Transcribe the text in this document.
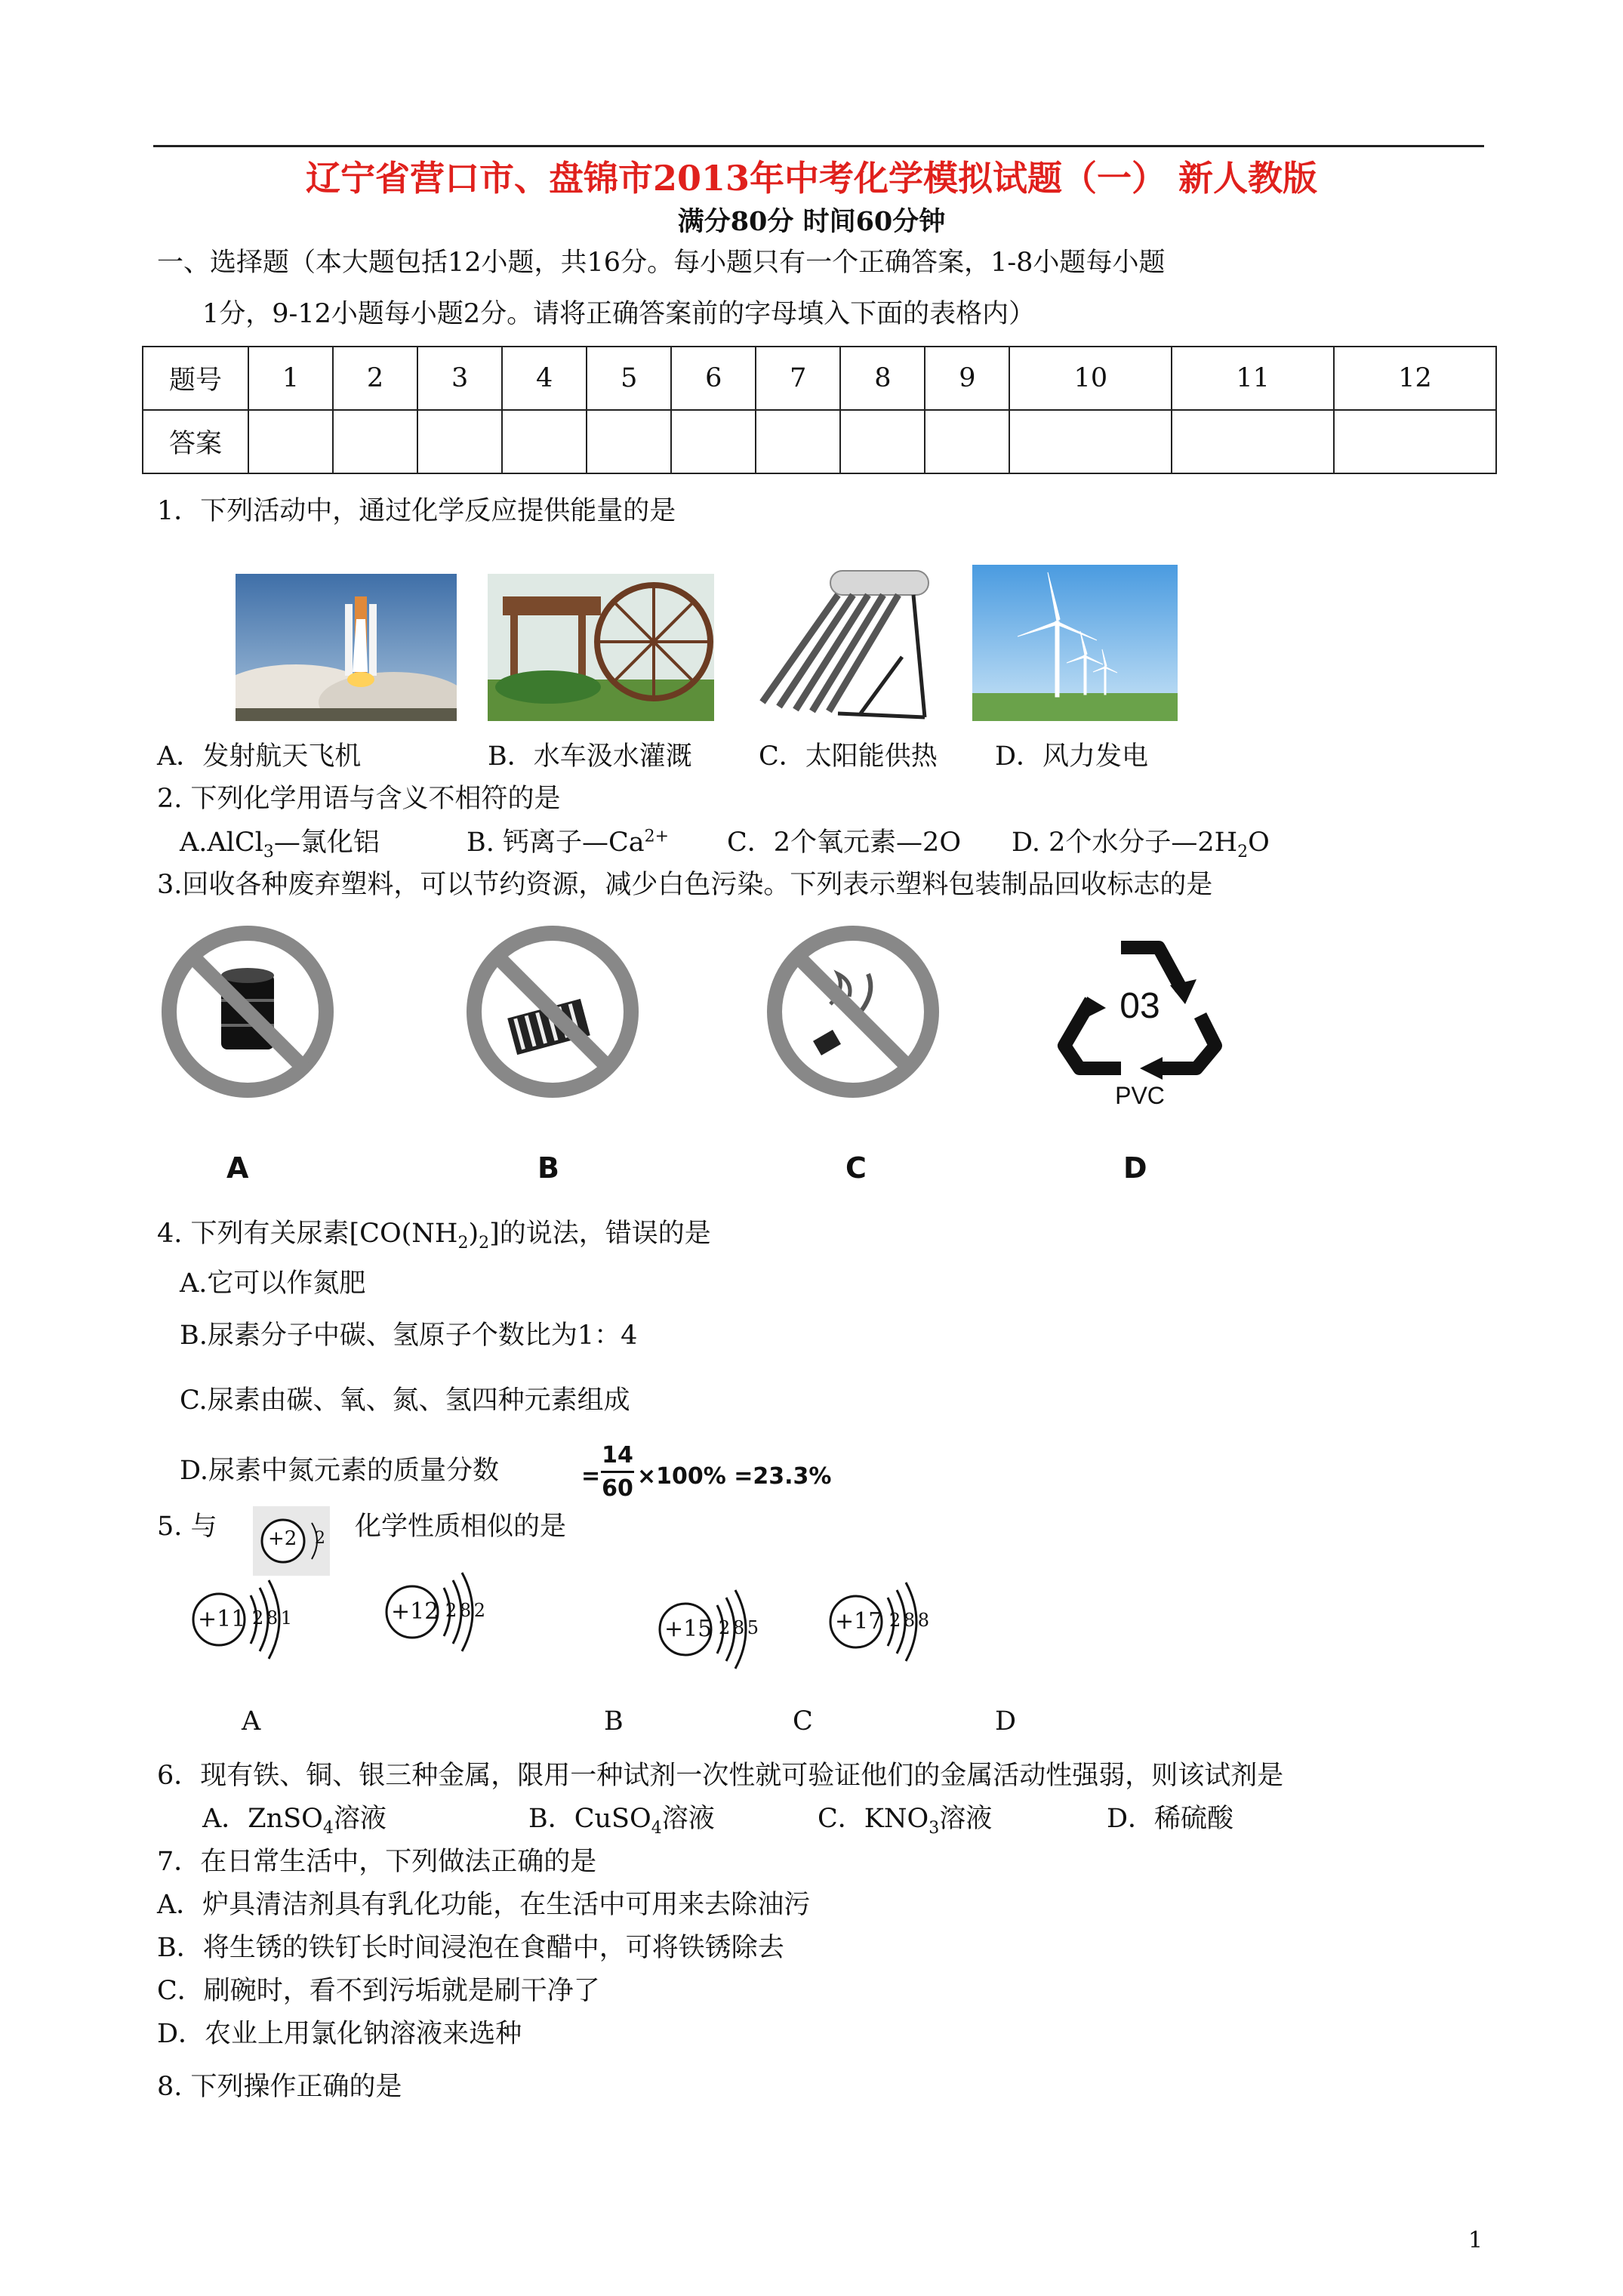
辽宁省营口市、盘锦市2013年中考化学模拟试题（一） 新人教版
满分80分 时间60分钟
一、选择题（本大题包括12小题，共16分。每小题只有一个正确答案，1-8小题每小题
1分，9-12小题每小题2分。请将正确答案前的字母填入下面的表格内）
题号	1	2	3	4	5	6	7	8	9	10	11	12
答案												
1．下列活动中，通过化学反应提供能量的是
A．发射航天飞机	B．水车汲水灌溉	C．太阳能供热 D．风力发电
2. 下列化学用语与含义不相符的是
A.AlCl$_3$—氯化铝	B. 钙离子$—Ca^{2+}$ C．2个氧元素—2O D. 2个水分子$—2H_2O$
3.回收各种废弃塑料，可以节约资源，减少白色污染。下列表示塑料包装制品回收标志的是
03
PVC
A	B	C	D
4. 下列有关尿素$[CO(NH_2)_2]$的说法，错误的是
A.它可以作氮肥
B.尿素分子中碳、氢原子个数比为1：4
C.尿素由碳、氧、氮、氢四种元素组成
D.尿素中氮元素的质量分数	=
14
60 ×100% =23.3%
5. 与	+2 2 化学性质相似的是
+11 2 8 1	+12 2 8 2
+15 2 8 5	+17 2 8 8
A	B	C	D
6．现有铁、铜、银三种金属，限用一种试剂一次性就可验证他们的金属活动性强弱，则该试剂是
A．ZnSO$_4$溶液	B．CuSO$_4$溶液	C．$KNO_3$溶液	D．稀硫酸
7．在日常生活中，下列做法正确的是
A．炉具清洁剂具有乳化功能，在生活中可用来去除油污
B．将生锈的铁钉长时间浸泡在食醋中，可将铁锈除去
C．刷碗时，看不到污垢就是刷干净了
D．农业上用氯化钠溶液来选种
8. 下列操作正确的是
1
